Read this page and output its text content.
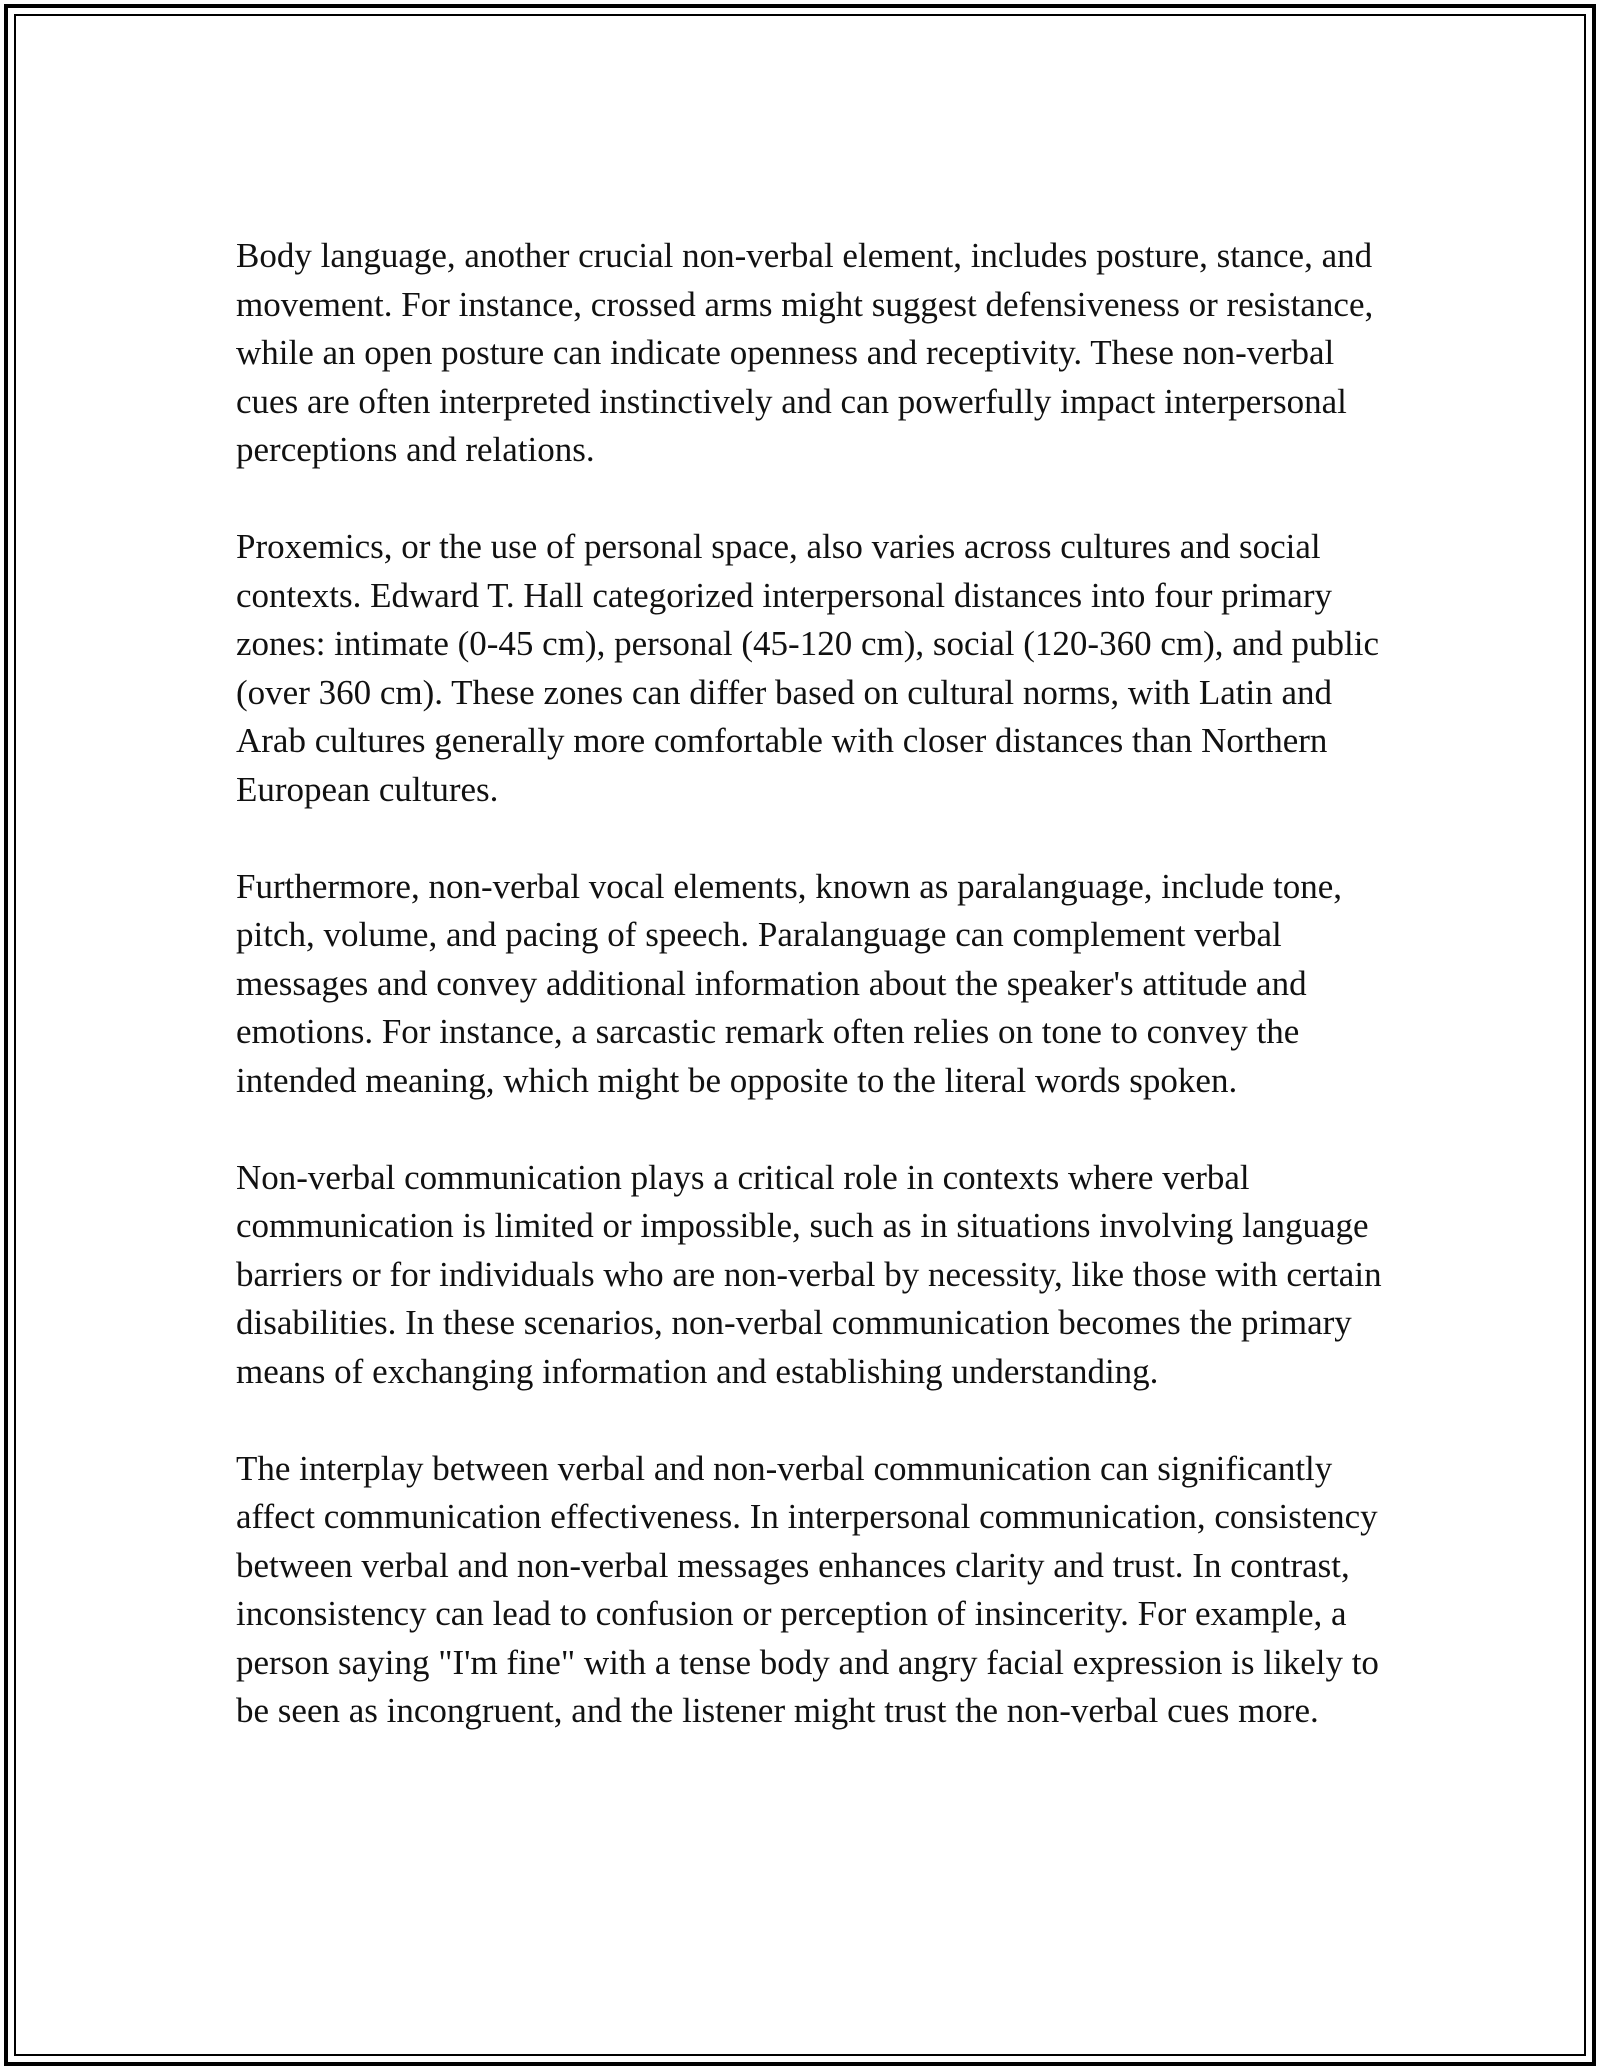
Body language, another crucial non-verbal element, includes posture, stance, and movement. For instance, crossed arms might suggest defensiveness or resistance, while an open posture can indicate openness and receptivity. These non-verbal cues are often interpreted instinctively and can powerfully impact interpersonal perceptions and relations.

Proxemics, or the use of personal space, also varies across cultures and social contexts. Edward T. Hall categorized interpersonal distances into four primary zones: intimate (0-45 cm), personal (45-120 cm), social (120-360 cm), and public (over 360 cm). These zones can differ based on cultural norms, with Latin and Arab cultures generally more comfortable with closer distances than Northern European cultures.

Furthermore, non-verbal vocal elements, known as paralanguage, include tone, pitch, volume, and pacing of speech. Paralanguage can complement verbal messages and convey additional information about the speaker's attitude and emotions. For instance, a sarcastic remark often relies on tone to convey the intended meaning, which might be opposite to the literal words spoken.

Non-verbal communication plays a critical role in contexts where verbal communication is limited or impossible, such as in situations involving language barriers or for individuals who are non-verbal by necessity, like those with certain disabilities. In these scenarios, non-verbal communication becomes the primary means of exchanging information and establishing understanding.

The interplay between verbal and non-verbal communication can significantly affect communication effectiveness. In interpersonal communication, consistency between verbal and non-verbal messages enhances clarity and trust. In contrast, inconsistency can lead to confusion or perception of insincerity. For example, a person saying "I'm fine" with a tense body and angry facial expression is likely to be seen as incongruent, and the listener might trust the non-verbal cues more.
